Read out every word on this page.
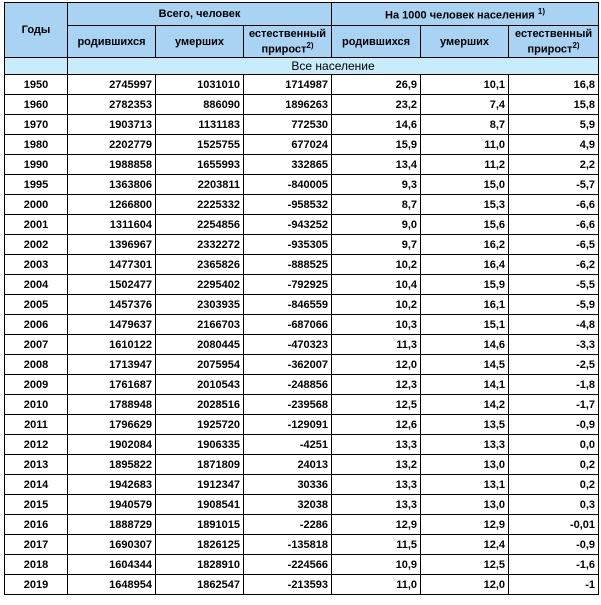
Годы	Всего, человек			На 1000 человек населения $^{1)}$
	родившихся	умерших	естественный прирост$^{2)}$	родившихся	умерших	естественный прирост$^{2)}$
	Все население					
1950	2745997	1031010	1714987	26,9	10,1	16,8
1960	2782353	886090	1896263	23,2	7,4	15,8
1970	1903713	1131183	772530	14,6	8,7	5,9
1980	2202779	1525755	677024	15,9	11,0	4,9
1990	1988858	1655993	332865	13,4	11,2	2,2
1995	1363806	2203811	-840005	9,3	15,0	-5,7
2000	1266800	2225332	-958532	8,7	15,3	-6,6
2001	1311604	2254856	-943252	9,0	15,6	-6,6
2002	1396967	2332272	-935305	9,7	16,2	-6,5
2003	1477301	2365826	-888525	10,2	16,4	-6,2
2004	1502477	2295402	-792925	10,4	15,9	-5,5
2005	1457376	2303935	-846559	10,2	16,1	-5,9
2006	1479637	2166703	-687066	10,3	15,1	-4,8
2007	1610122	2080445	-470323	11,3	14,6	-3,3
2008	1713947	2075954	-362007	12,0	14,5	-2,5
2009	1761687	2010543	-248856	12,3	14,1	-1,8
2010	1788948	2028516	-239568	12,5	14,2	-1,7
2011	1796629	1925720	-129091	12,6	13,5	-0,9
2012	1902084	1906335	-4251	13,3	13,3	0,0
2013	1895822	1871809	24013	13,2	13,0	0,2
2014	1942683	1912347	30336	13,3	13,1	0,2
2015	1940579	1908541	32038	13,3	13,0	0,3
2016	1888729	1891015	-2286	12,9	12,9	-0,01
2017	1690307	1826125	-135818	11,5	12,4	-0,9
2018	1604344	1828910	-224566	10,9	12,5	-1,6
2019	1648954	1862547	-213593	11,0	12,0	-1
